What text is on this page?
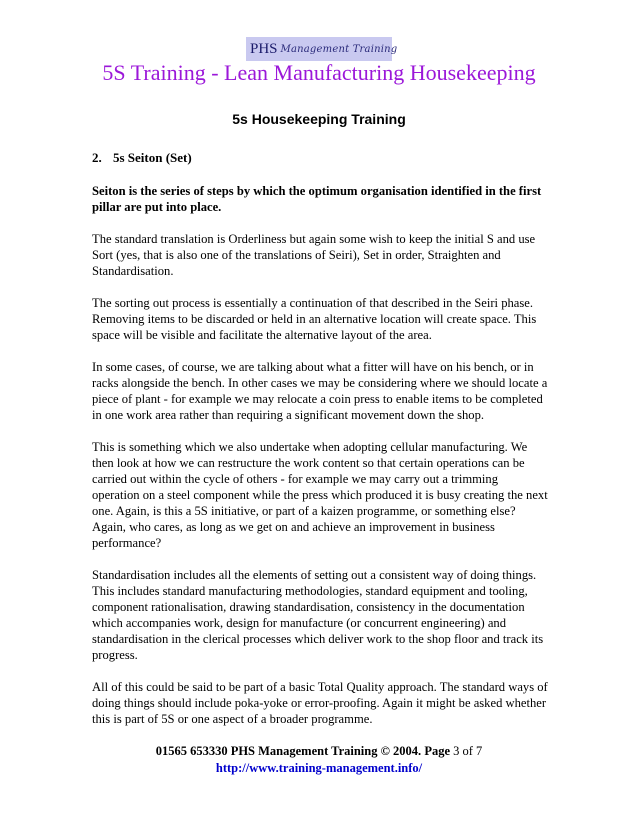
PHS Management Training
5S Training - Lean Manufacturing Housekeeping
5s Housekeeping Training
2. 5s Seiton (Set)

Seiton is the series of steps by which the optimum organisation identified in the first pillar are put into place.

The standard translation is Orderliness but again some wish to keep the initial S and use Sort (yes, that is also one of the translations of Seiri), Set in order, Straighten and Standardisation.

The sorting out process is essentially a continuation of that described in the Seiri phase. Removing items to be discarded or held in an alternative location will create space. This space will be visible and facilitate the alternative layout of the area.

In some cases, of course, we are talking about what a fitter will have on his bench, or in racks alongside the bench. In other cases we may be considering where we should locate a piece of plant - for example we may relocate a coin press to enable items to be completed in one work area rather than requiring a significant movement down the shop.

This is something which we also undertake when adopting cellular manufacturing. We then look at how we can restructure the work content so that certain operations can be carried out within the cycle of others - for example we may carry out a trimming operation on a steel component while the press which produced it is busy creating the next one. Again, is this a 5S initiative, or part of a kaizen programme, or something else? Again, who cares, as long as we get on and achieve an improvement in business performance?

Standardisation includes all the elements of setting out a consistent way of doing things. This includes standard manufacturing methodologies, standard equipment and tooling, component rationalisation, drawing standardisation, consistency in the documentation which accompanies work, design for manufacture (or concurrent engineering) and standardisation in the clerical processes which deliver work to the shop floor and track its progress.

All of this could be said to be part of a basic Total Quality approach. The standard ways of doing things should include poka-yoke or error-proofing. Again it might be asked whether this is part of 5S or one aspect of a broader programme.

01565 653330 PHS Management Training © 2004. Page 3 of 7
http://www.training-management.info/
